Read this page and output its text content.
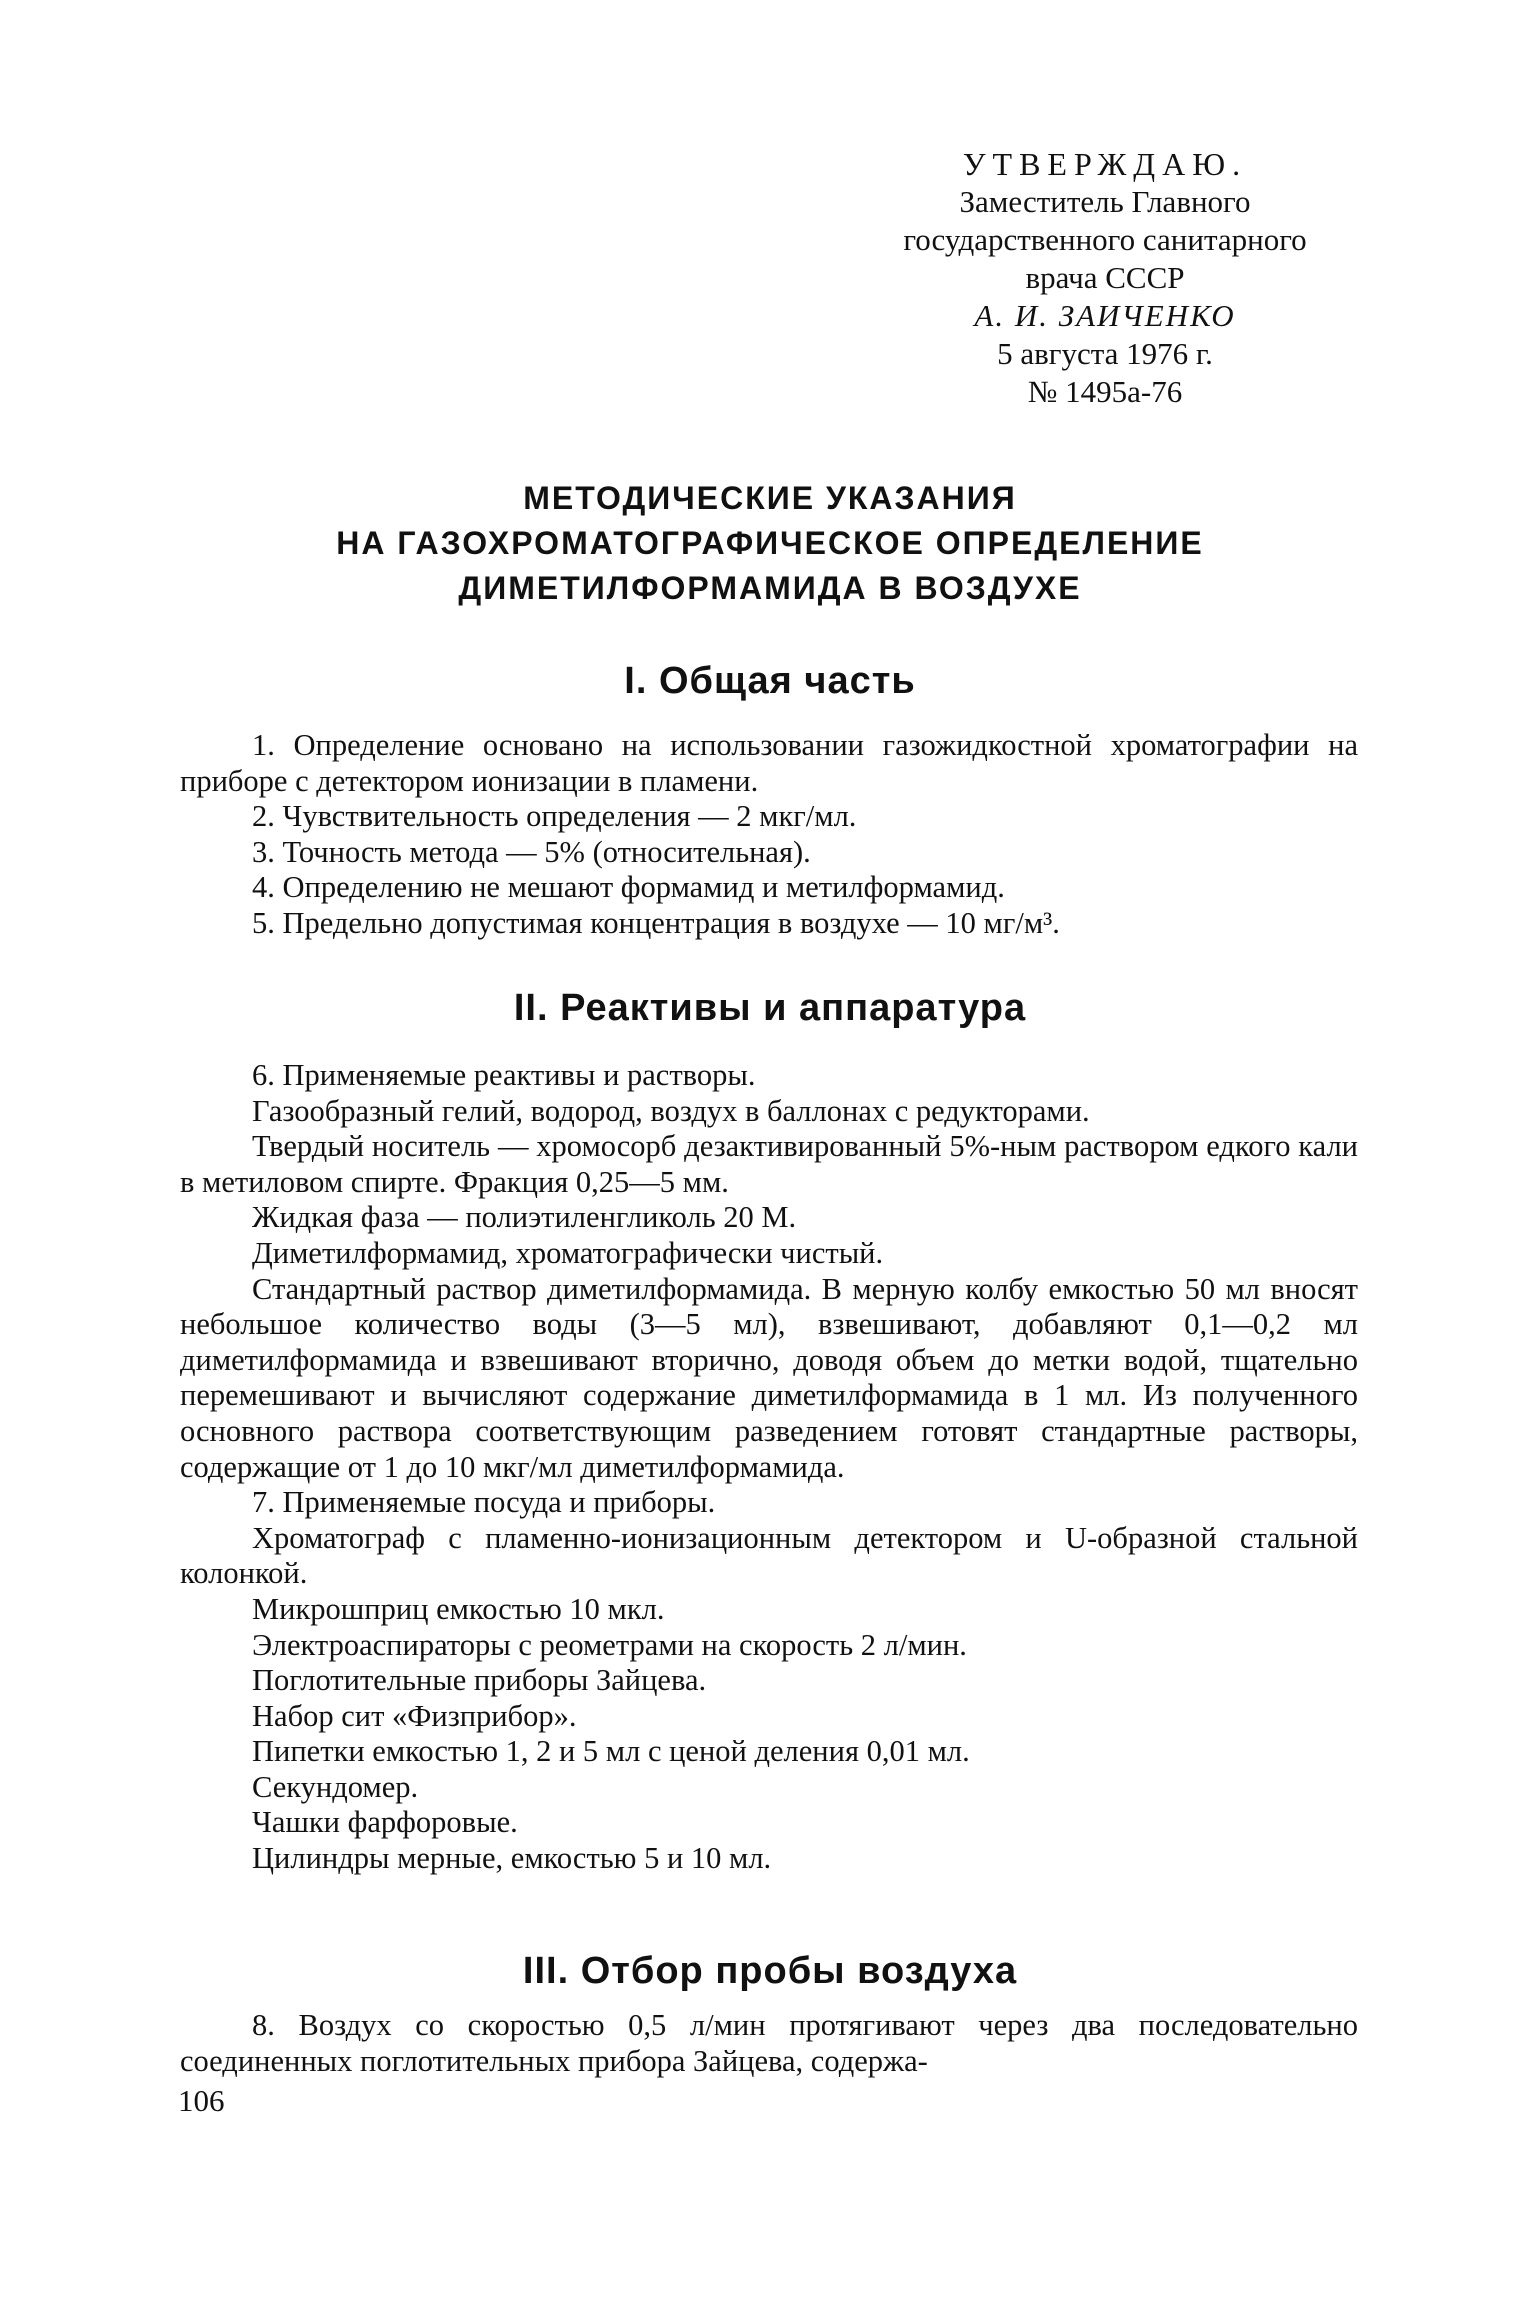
УТВЕРЖДАЮ.
Заместитель Главного
государственного санитарного
врача СССР
А. И. ЗАИЧЕНКО
5 августа 1976 г.
№ 1495а-76
МЕТОДИЧЕСКИЕ УКАЗАНИЯ
НА ГАЗОХРОМАТОГРАФИЧЕСКОЕ ОПРЕДЕЛЕНИЕ
ДИМЕТИЛФОРМАМИДА В ВОЗДУХЕ
I. Общая часть

1. Определение основано на использовании газожидкостной хроматографии на приборе с детектором ионизации в пламени.

2. Чувствительность определения — 2 мкг/мл.

3. Точность метода — 5% (относительная).

4. Определению не мешают формамид и метилформамид.

5. Предельно допустимая концентрация в воздухе — 10 мг/м³.

II. Реактивы и аппаратура

6. Применяемые реактивы и растворы.

Газообразный гелий, водород, воздух в баллонах с редукторами.

Твердый носитель — хромосорб дезактивированный 5%-ным раствором едкого кали в метиловом спирте. Фракция 0,25—5 мм.

Жидкая фаза — полиэтиленгликоль 20 М.

Диметилформамид, хроматографически чистый.

Стандартный раствор диметилформамида. В мерную колбу емкостью 50 мл вносят небольшое количество воды (3—5 мл), взвешивают, добавляют 0,1—0,2 мл диметилформамида и взвешивают вторично, доводя объем до метки водой, тщательно перемешивают и вычисляют содержание диметилформамида в 1 мл. Из полученного основного раствора соответствующим разведением готовят стандартные растворы, содержащие от 1 до 10 мкг/мл диметилформамида.

7. Применяемые посуда и приборы.

Хроматограф с пламенно-ионизационным детектором и U-образной стальной колонкой.

Микрошприц емкостью 10 мкл.

Электроаспираторы с реометрами на скорость 2 л/мин.

Поглотительные приборы Зайцева.

Набор сит «Физприбор».

Пипетки емкостью 1, 2 и 5 мл с ценой деления 0,01 мл.

Секундомер.

Чашки фарфоровые.

Цилиндры мерные, емкостью 5 и 10 мл.

III. Отбор пробы воздуха

8. Воздух со скоростью 0,5 л/мин протягивают через два последовательно соединенных поглотительных прибора Зайцева, содержа-

106
